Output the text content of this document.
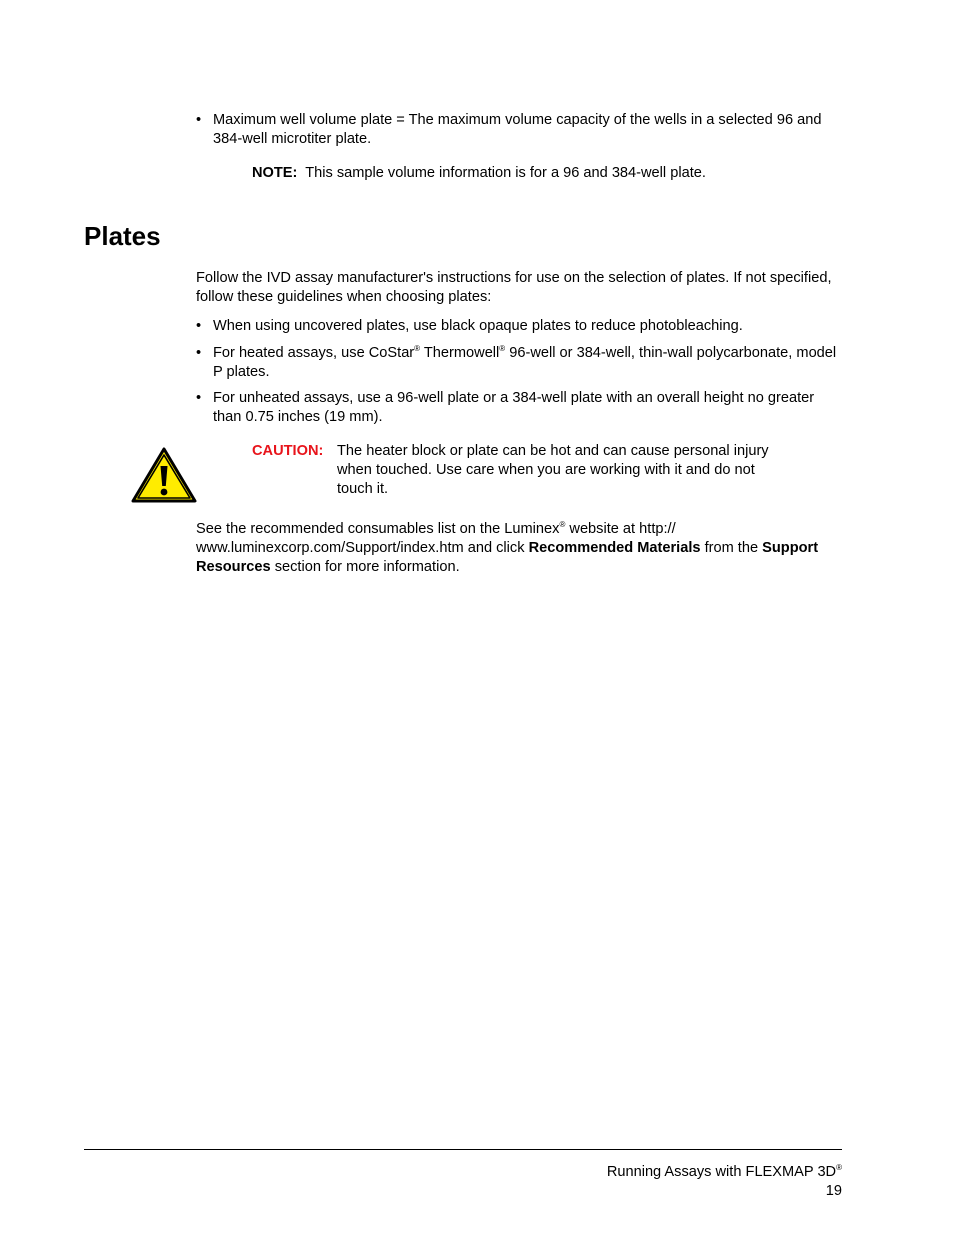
• Maximum well volume plate = The maximum volume capacity of the wells in a selected 96 and 384-well microtiter plate.
NOTE: This sample volume information is for a 96 and 384-well plate.
Plates
Follow the IVD assay manufacturer's instructions for use on the selection of plates. If not specified, follow these guidelines when choosing plates:
• When using uncovered plates, use black opaque plates to reduce photobleaching.
• For heated assays, use CoStar® Thermowell® 96-well or 384-well, thin-wall polycarbonate, model P plates.
• For unheated assays, use a 96-well plate or a 384-well plate with an overall height no greater than 0.75 inches (19 mm).
CAUTION: The heater block or plate can be hot and can cause personal injury when touched. Use care when you are working with it and do not touch it.
See the recommended consumables list on the Luminex® website at http:// www.luminexcorp.com/Support/index.htm and click Recommended Materials from the Support Resources section for more information.
Running Assays with FLEXMAP 3D®
19
